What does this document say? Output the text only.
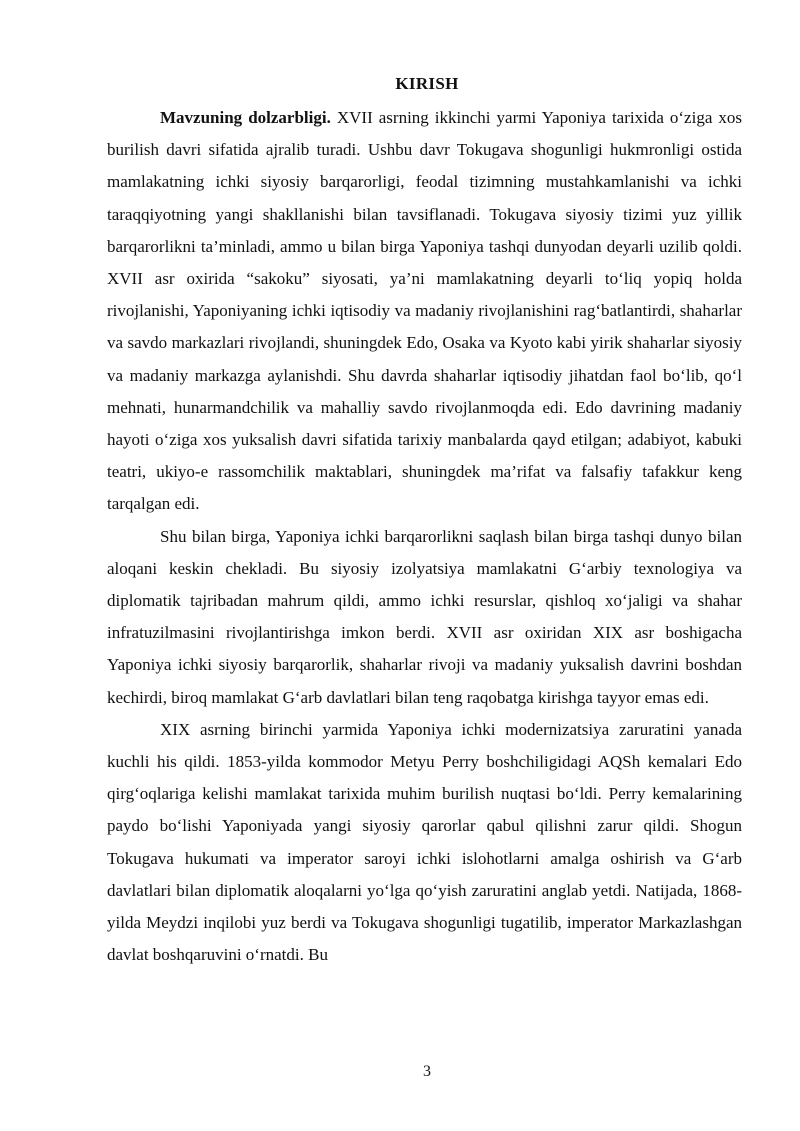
KIRISH

Mavzuning dolzarbligi. XVII asrning ikkinchi yarmi Yaponiya tarixida o‘ziga xos burilish davri sifatida ajralib turadi. Ushbu davr Tokugava shogunligi hukmronligi ostida mamlakatning ichki siyosiy barqarorligi, feodal tizimning mustahkamlanishi va ichki taraqqiyotning yangi shakllanishi bilan tavsiflanadi. Tokugava siyosiy tizimi yuz yillik barqarorlikni ta’minladi, ammo u bilan birga Yaponiya tashqi dunyodan deyarli uzilib qoldi. XVII asr oxirida “sakoku” siyosati, ya’ni mamlakatning deyarli to‘liq yopiq holda rivojlanishi, Yaponiyaning ichki iqtisodiy va madaniy rivojlanishini rag‘batlantirdi, shaharlar va savdo markazlari rivojlandi, shuningdek Edo, Osaka va Kyoto kabi yirik shaharlar siyosiy va madaniy markazga aylanishdi. Shu davrda shaharlar iqtisodiy jihatdan faol bo‘lib, qo‘l mehnati, hunarmandchilik va mahalliy savdo rivojlanmoqda edi. Edo davrining madaniy hayoti o‘ziga xos yuksalish davri sifatida tarixiy manbalarda qayd etilgan; adabiyot, kabuki teatri, ukiyo-e rassomchilik maktablari, shuningdek ma’rifat va falsafiy tafakkur keng tarqalgan edi.

Shu bilan birga, Yaponiya ichki barqarorlikni saqlash bilan birga tashqi dunyo bilan aloqani keskin chekladi. Bu siyosiy izolyatsiya mamlakatni G‘arbiy texnologiya va diplomatik tajribadan mahrum qildi, ammo ichki resurslar, qishloq xo‘jaligi va shahar infratuzilmasini rivojlantirishga imkon berdi. XVII asr oxiridan XIX asr boshigacha Yaponiya ichki siyosiy barqarorlik, shaharlar rivoji va madaniy yuksalish davrini boshdan kechirdi, biroq mamlakat G‘arb davlatlari bilan teng raqobatga kirishga tayyor emas edi.

XIX asrning birinchi yarmida Yaponiya ichki modernizatsiya zaruratini yanada kuchli his qildi. 1853-yilda kommodor Metyu Perry boshchiligidagi AQSh kemalari Edo qirg‘oqlariga kelishi mamlakat tarixida muhim burilish nuqtasi bo‘ldi. Perry kemalarining paydo bo‘lishi Yaponiyada yangi siyosiy qarorlar qabul qilishni zarur qildi. Shogun Tokugava hukumati va imperator saroyi ichki islohotlarni amalga oshirish va G‘arb davlatlari bilan diplomatik aloqalarni yo‘lga qo‘yish zaruratini anglab yetdi. Natijada, 1868-yilda Meydzi inqilobi yuz berdi va Tokugava shogunligi tugatilib, imperator Markazlashgan davlat boshqaruvini o‘rnatdi. Bu

3
